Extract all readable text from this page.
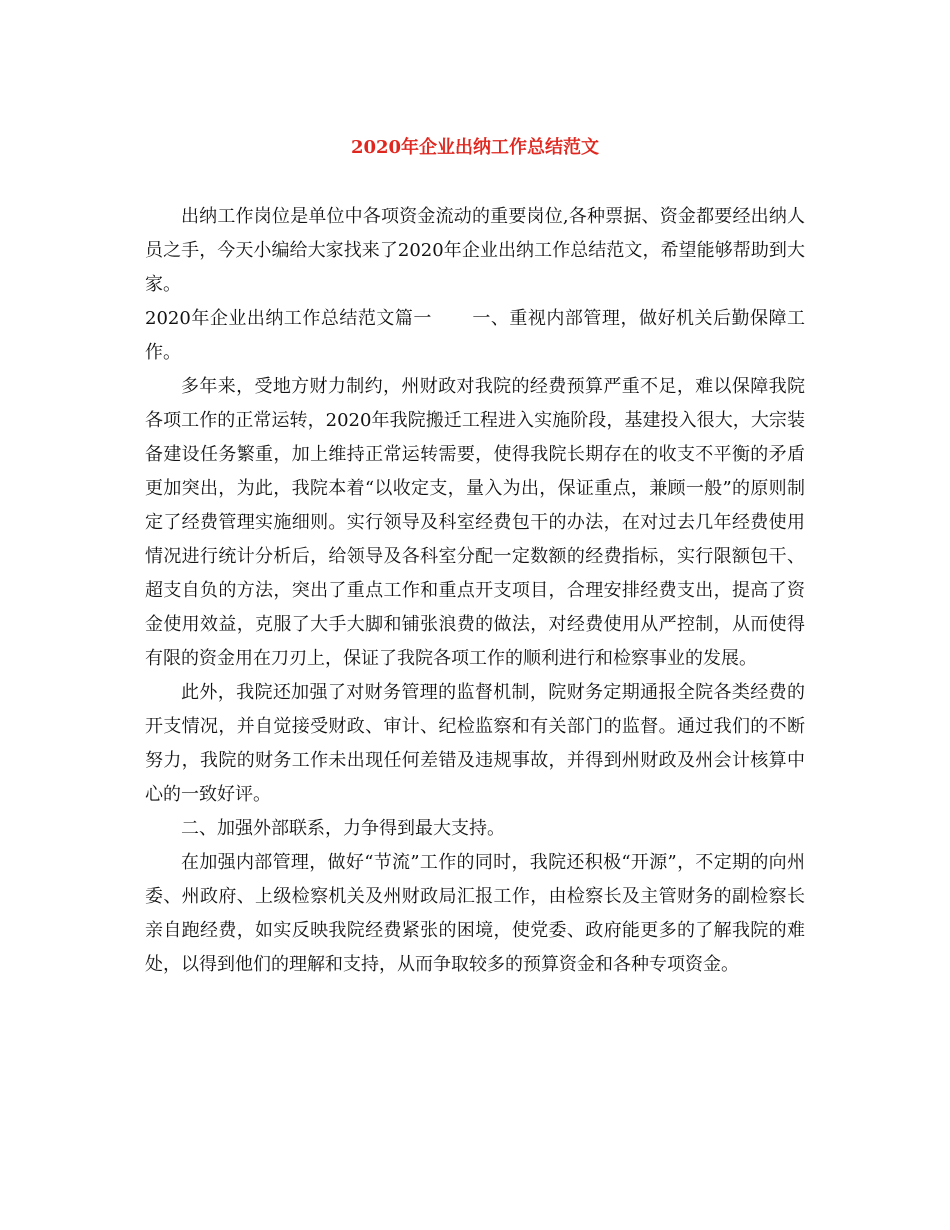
2020年企业出纳工作总结范文

出纳工作岗位是单位中各项资金流动的重要岗位,各种票据、资金都要经出纳人员之手，今天小编给大家找来了2020年企业出纳工作总结范文，希望能够帮助到大家。

2020年企业出纳工作总结范文篇一 一、重视内部管理，做好机关后勤保障工作。

多年来，受地方财力制约，州财政对我院的经费预算严重不足，难以保障我院各项工作的正常运转，2020年我院搬迁工程进入实施阶段，基建投入很大，大宗装备建设任务繁重，加上维持正常运转需要，使得我院长期存在的收支不平衡的矛盾更加突出，为此，我院本着“以收定支，量入为出，保证重点，兼顾一般”的原则制定了经费管理实施细则。实行领导及科室经费包干的办法，在对过去几年经费使用情况进行统计分析后，给领导及各科室分配一定数额的经费指标，实行限额包干、超支自负的方法，突出了重点工作和重点开支项目，合理安排经费支出，提高了资金使用效益，克服了大手大脚和铺张浪费的做法，对经费使用从严控制，从而使得有限的资金用在刀刃上，保证了我院各项工作的顺利进行和检察事业的发展。

此外，我院还加强了对财务管理的监督机制，院财务定期通报全院各类经费的开支情况，并自觉接受财政、审计、纪检监察和有关部门的监督。通过我们的不断努力，我院的财务工作未出现任何差错及违规事故，并得到州财政及州会计核算中心的一致好评。

二、加强外部联系，力争得到最大支持。

在加强内部管理，做好“节流”工作的同时，我院还积极“开源”，不定期的向州委、州政府、上级检察机关及州财政局汇报工作，由检察长及主管财务的副检察长亲自跑经费，如实反映我院经费紧张的困境，使党委、政府能更多的了解我院的难处，以得到他们的理解和支持，从而争取较多的预算资金和各种专项资金。
